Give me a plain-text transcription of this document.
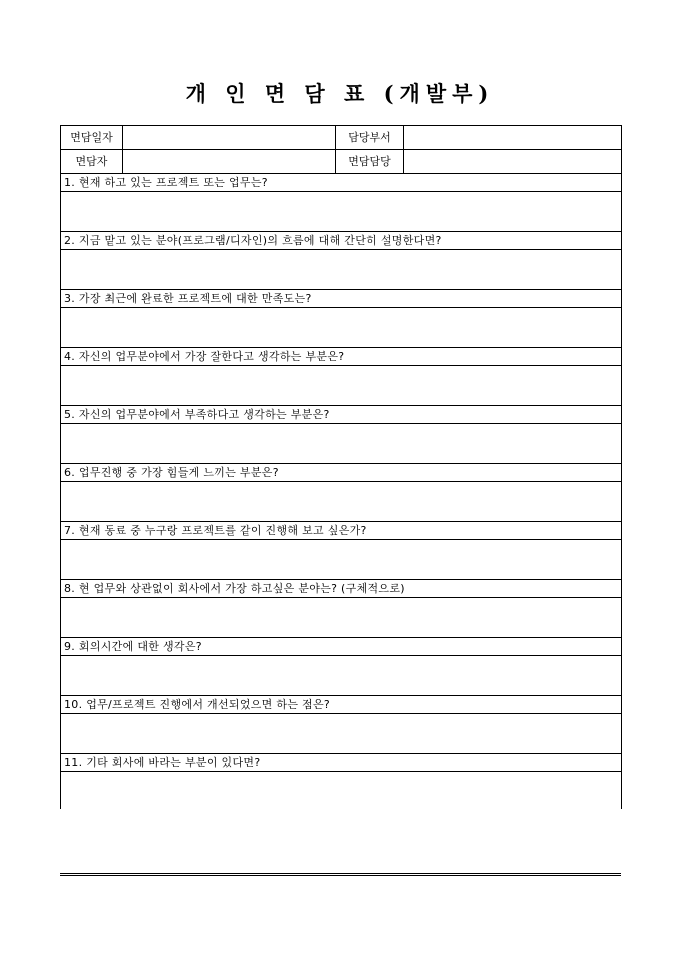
개 인 면 담 표 (개발부)
면담일자		담당부서	
면담자		면담담당	
1. 현재 하고 있는 프로젝트 또는 업무는?			

2. 지금 맡고 있는 분야(프로그램/디자인)의 흐름에 대해 간단히 설명한다면?			

3. 가장 최근에 완료한 프로젝트에 대한 만족도는?			

4. 자신의 업무분야에서 가장 잘한다고 생각하는 부분은?			

5. 자신의 업무분야에서 부족하다고 생각하는 부분은?			

6. 업무진행 중 가장 힘들게 느끼는 부분은?			

7. 현재 동료 중 누구랑 프로젝트를 같이 진행해 보고 싶은가?			

8. 현 업무와 상관없이 회사에서 가장 하고싶은 분야는? (구체적으로)			

9. 회의시간에 대한 생각은?			

10. 업무/프로젝트 진행에서 개선되었으면 하는 점은?			

11. 기타 회사에 바라는 부분이 있다면?			
